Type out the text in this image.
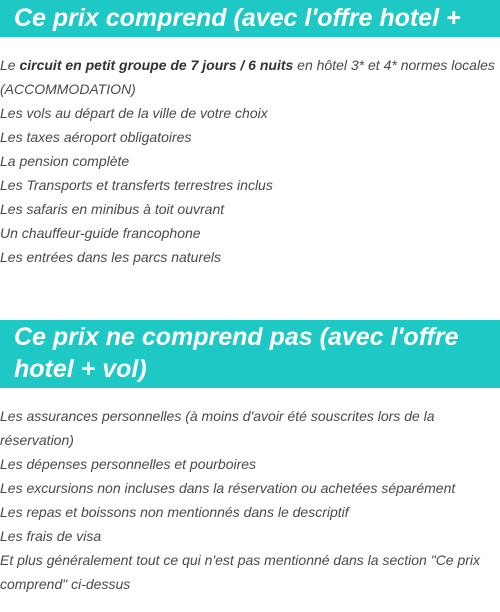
Ce prix comprend (avec l'offre hotel + vol)
Le circuit en petit groupe de 7 jours / 6 nuits en hôtel 3* et 4* normes locales (ACCOMMODATION)
Les vols au départ de la ville de votre choix
Les taxes aéroport obligatoires
La pension complète
Les Transports et transferts terrestres inclus
Les safaris en minibus à toit ouvrant
Un chauffeur-guide francophone
Les entrées dans les parcs naturels
Ce prix ne comprend pas (avec l'offre hotel + vol)
Les assurances personnelles (à moins d'avoir été souscrites lors de la réservation)
Les dépenses personnelles et pourboires
Les excursions non incluses dans la réservation ou achetées séparément
Les repas et boissons non mentionnés dans le descriptif
Les frais de visa
Et plus généralement tout ce qui n'est pas mentionné dans la section "Ce prix comprend" ci-dessus
